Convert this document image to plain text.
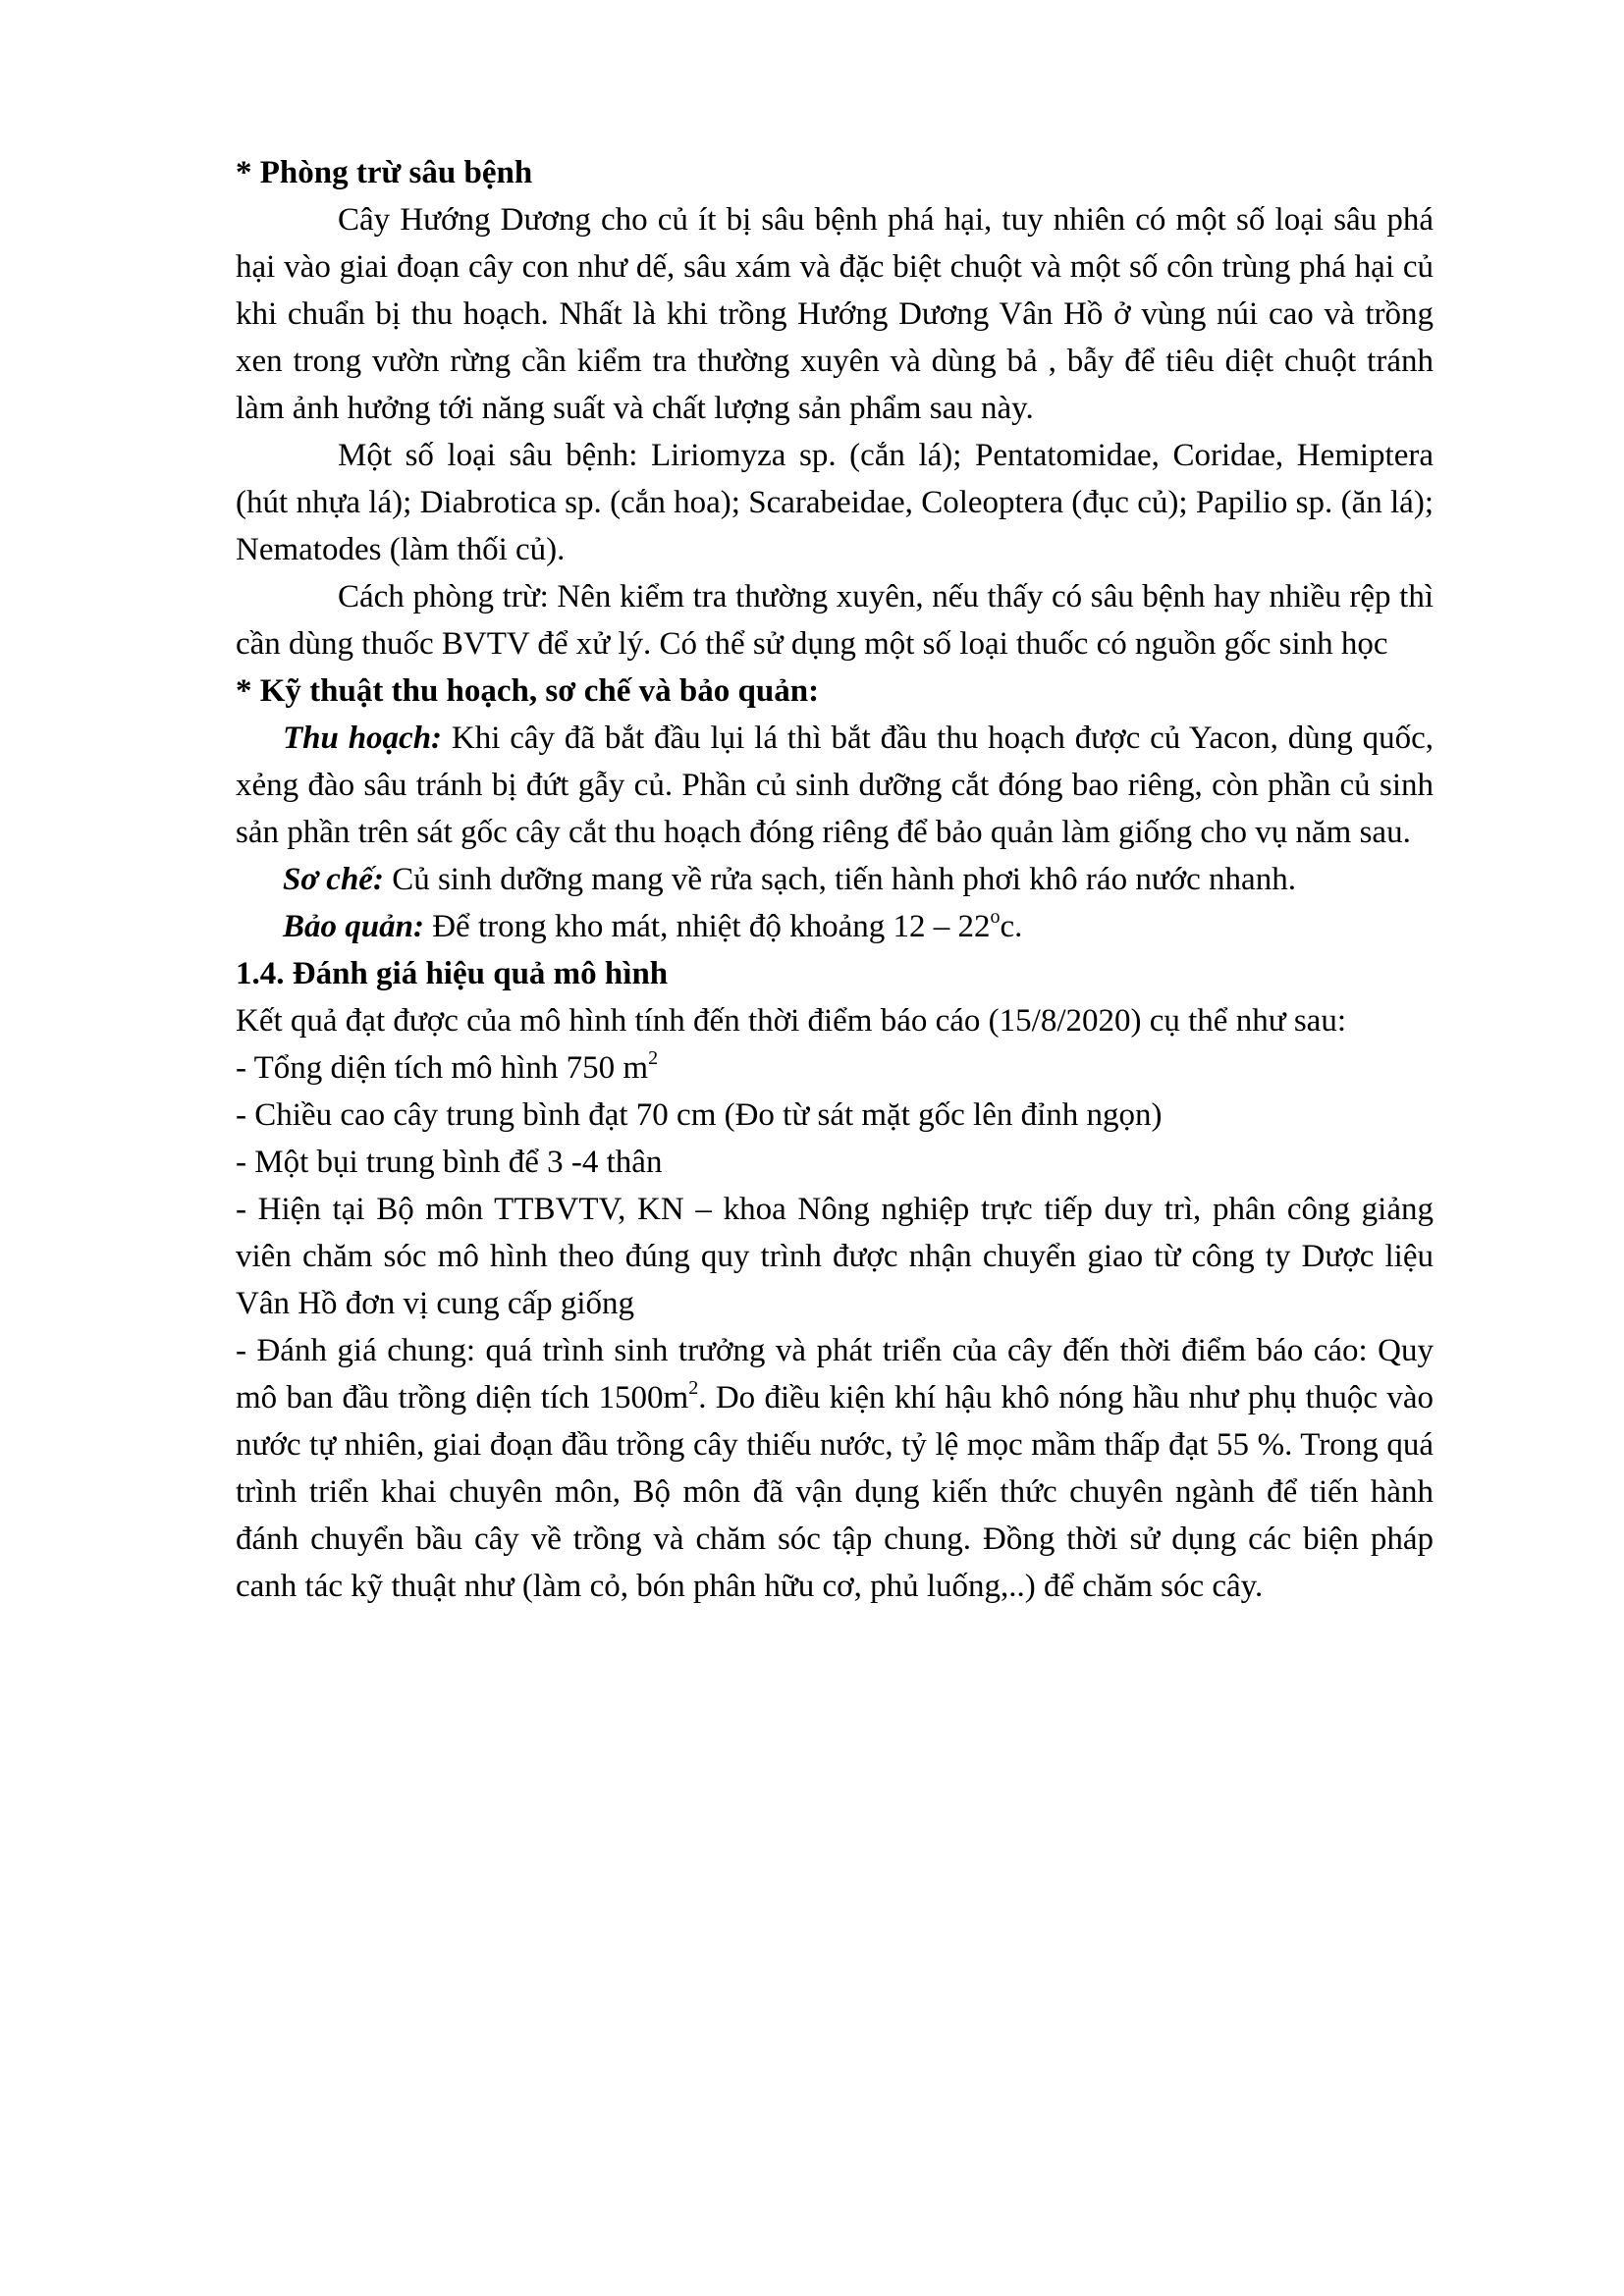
* Phòng trừ sâu bệnh

Cây Hướng Dương cho củ ít bị sâu bệnh phá hại, tuy nhiên có một số loại sâu phá hại vào giai đoạn cây con như dế, sâu xám và đặc biệt chuột và một số côn trùng phá hại củ khi chuẩn bị thu hoạch. Nhất là khi trồng Hướng Dương Vân Hồ ở vùng núi cao và trồng xen trong vườn rừng cần kiểm tra thường xuyên và dùng bả , bẫy để tiêu diệt chuột tránh làm ảnh hưởng tới năng suất và chất lượng sản phẩm sau này.

Một số loại sâu bệnh: Liriomyza sp. (cắn lá); Pentatomidae, Coridae, Hemiptera (hút nhựa lá); Diabrotica sp. (cắn hoa); Scarabeidae, Coleoptera (đục củ); Papilio sp. (ăn lá); Nematodes (làm thối củ).

Cách phòng trừ: Nên kiểm tra thường xuyên, nếu thấy có sâu bệnh hay nhiều rệp thì cần dùng thuốc BVTV để xử lý. Có thể sử dụng một số loại thuốc có nguồn gốc sinh học

* Kỹ thuật thu hoạch, sơ chế và bảo quản:

Thu hoạch: Khi cây đã bắt đầu lụi lá thì bắt đầu thu hoạch được củ Yacon, dùng quốc, xẻng đào sâu tránh bị đứt gẫy củ. Phần củ sinh dưỡng cắt đóng bao riêng, còn phần củ sinh sản phần trên sát gốc cây cắt thu hoạch đóng riêng để bảo quản làm giống cho vụ năm sau.

Sơ chế: Củ sinh dưỡng mang về rửa sạch, tiến hành phơi khô ráo nước nhanh.

Bảo quản: Để trong kho mát, nhiệt độ khoảng 12 – 22$^o$c.

1.4. Đánh giá hiệu quả mô hình

Kết quả đạt được của mô hình tính đến thời điểm báo cáo (15/8/2020) cụ thể như sau:

- Tổng diện tích mô hình 750 $m^2$

- Chiều cao cây trung bình đạt 70 cm (Đo từ sát mặt gốc lên đỉnh ngọn)

- Một bụi trung bình để 3 -4 thân

- Hiện tại Bộ môn TTBVTV, KN – khoa Nông nghiệp trực tiếp duy trì, phân công giảng viên chăm sóc mô hình theo đúng quy trình được nhận chuyển giao từ công ty Dược liệu Vân Hồ đơn vị cung cấp giống

- Đánh giá chung: quá trình sinh trưởng và phát triển của cây đến thời điểm báo cáo: Quy mô ban đầu trồng diện tích $1500m^2$. Do điều kiện khí hậu khô nóng hầu như phụ thuộc vào nước tự nhiên, giai đoạn đầu trồng cây thiếu nước, tỷ lệ mọc mầm thấp đạt 55 %. Trong quá trình triển khai chuyên môn, Bộ môn đã vận dụng kiến thức chuyên ngành để tiến hành đánh chuyển bầu cây về trồng và chăm sóc tập chung. Đồng thời sử dụng các biện pháp canh tác kỹ thuật như (làm cỏ, bón phân hữu cơ, phủ luống,..) để chăm sóc cây.
